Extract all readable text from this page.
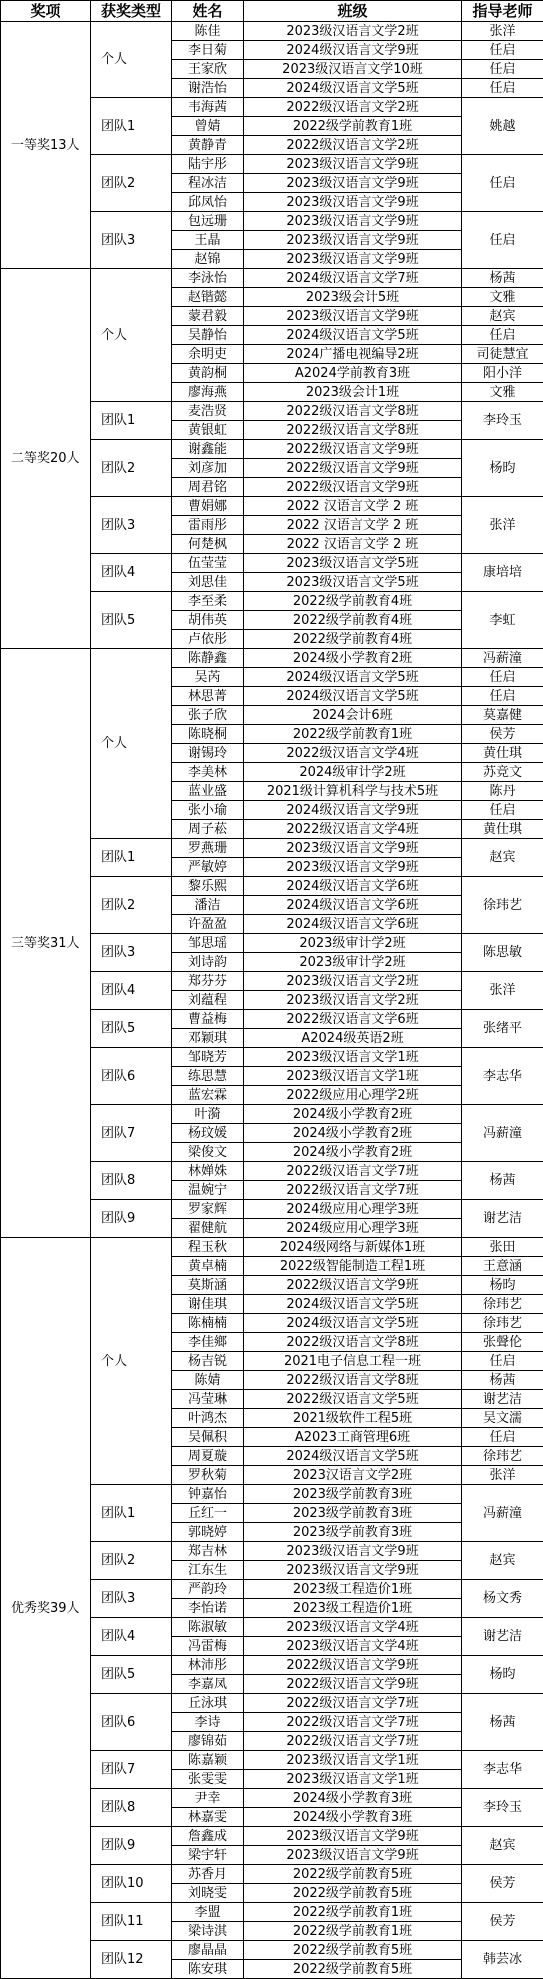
奖项	获奖类型	姓名	班级	指导老师
一等奖13人	个人	陈佳	2023级汉语言文学2班	张洋
		李日菊	2024级汉语言文学9班	任启
		王家欣	2023级汉语言文学10班	任启
		谢浩怡	2024级汉语言文学5班	任启
	团队1	韦海茜	2022级汉语言文学2班	姚越
		曾婧	2022级学前教育1班	
		黄静青	2022级汉语言文学2班	
	团队2	陆宇彤	2023级汉语言文学9班	任启
		程冰洁	2023级汉语言文学9班	
		邱凤怡	2023级汉语言文学9班	
	团队3	包远珊	2023级汉语言文学9班	任启
		王晶	2023级汉语言文学9班	
		赵锦	2023级汉语言文学9班	
二等奖20人	个人	李泳怡	2024级汉语言文学7班	杨茜
		赵锴懿	2023级会计5班	文雅
		蒙君毅	2023级汉语言文学9班	赵宾
		吴静怡	2024级汉语言文学5班	任启
		余明吏	2024广播电视编导2班	司徒慧宜
		黄韵桐	A2024学前教育3班	阳小洋
		廖海燕	2023级会计1班	文雅
	团队1	麦浩贤	2022级汉语言文学8班	李玲玉
		黄银虹	2022级汉语言文学8班	
	团队2	谢鑫能	2022级汉语言文学9班	杨昀
		刘彦加	2022级汉语言文学9班	
		周君铭	2022级汉语言文学9班	
	团队3	曹娟娜	2022 汉语言文学 2 班	张洋
		雷雨彤	2022 汉语言文学 2 班	
		何楚枫	2022 汉语言文学 2 班	
	团队4	伍莹莹	2023级汉语言文学5班	康培培
		刘思佳	2023级汉语言文学5班	
	团队5	李至柔	2022级学前教育4班	李虹
		胡伟英	2022级学前教育4班	
		卢依彤	2022级学前教育4班	
三等奖31人	个人	陈静鑫	2024级小学教育2班	冯薪潼
		吴芮	2024级汉语言文学5班	任启
		林思菁	2024级汉语言文学5班	任启
		张子欣	2024会计6班	莫嘉健
		陈晓桐	2022级学前教育1班	侯芳
		谢锡玲	2022级汉语言文学4班	黄仕琪
		李美林	2024级审计学2班	苏竞文
		蓝业盛	2021级计算机科学与技术5班	陈丹
		张小瑜	2024级汉语言文学9班	任启
		周子菘	2022级汉语言文学4班	黄仕琪
	团队1	罗燕珊	2023级汉语言文学9班	赵宾
		严敏婷	2023级汉语言文学9班	
	团队2	黎乐熙	2024级汉语言文学6班	徐玮艺
		潘洁	2024级汉语言文学6班	
		许盈盈	2024级汉语言文学6班	
	团队3	邹思瑶	2023级审计学2班	陈思敏
		刘诗韵	2023级审计学2班	
	团队4	郑芬芬	2023级汉语言文学2班	张洋
		刘蕴程	2023级汉语言文学2班	
	团队5	曹益梅	2022级汉语言文学6班	张绪平
		邓颖琪	A2024级英语2班	
	团队6	邹晓芳	2023级汉语言文学1班	李志华
		练思慧	2023级汉语言文学1班	
		蓝宏霖	2022级应用心理学2班	
	团队7	叶漪	2024级小学教育2班	冯薪潼
		杨玟媛	2024级小学教育2班	
		梁俊文	2024级小学教育2班	
	团队8	林婵姝	2022级汉语言文学7班	杨茜
		温婉宁	2022级汉语言文学7班	
	团队9	罗家辉	2024级应用心理学3班	谢艺洁
		翟健航	2024级应用心理学3班	
优秀奖39人	个人	程玉秋	2024级网络与新媒体1班	张田
		黄卓楠	2022级智能制造工程1班	王意涵
		莫斯涵	2022级汉语言文学9班	杨昀
		谢佳琪	2024级汉语言文学5班	徐玮艺
		陈楠楠	2024级汉语言文学5班	徐玮艺
		李佳鄉	2022级汉语言文学8班	张聲伦
		杨吉锐	2021电子信息工程一班	任启
		陈婧	2022级汉语言文学8班	杨茜
		冯莹琳	2022级汉语言文学5班	谢艺洁
		叶鸿杰	2021级软件工程5班	吴文濡
		吴佩积	A2023工商管理6班	任启
		周夏璇	2024级汉语言文学5班	徐玮艺
		罗秋菊	2023汉语言文学2班	张洋
	团队1	钟嘉怡	2023级学前教育3班	冯薪潼
		丘红一	2023级学前教育3班	
		郭晓婷	2023级学前教育3班	
	团队2	郑吉林	2023级汉语言文学9班	赵宾
		江东生	2023级汉语言文学9班	
	团队3	严韵玲	2023级工程造价1班	杨文秀
		李怡诺	2023级工程造价1班	
	团队4	陈淑敏	2023级汉语言文学4班	谢艺洁
		冯雷梅	2023级汉语言文学4班	
	团队5	林沛彤	2022级汉语言文学9班	杨昀
		李嘉凤	2022级汉语言文学9班	
	团队6	丘泳琪	2022级汉语言文学7班	杨茜
		李诗	2022级汉语言文学7班	
		廖锦茹	2022级汉语言文学7班	
	团队7	陈嘉颖	2023级汉语言文学1班	李志华
		张雯雯	2023级汉语言文学1班	
	团队8	尹幸	2024级小学教育3班	李玲玉
		林嘉雯	2024级小学教育3班	
	团队9	詹鑫成	2023级汉语言文学9班	赵宾
		梁宇轩	2023级汉语言文学9班	
	团队10	苏香月	2022级学前教育5班	侯芳
		刘晓雯	2022级学前教育5班	
	团队11	李盟	2022级学前教育1班	侯芳
		梁诗淇	2022级学前教育1班	
	团队12	廖晶晶	2022级学前教育5班	韩芸冰
		陈安琪	2022级学前教育5班	
